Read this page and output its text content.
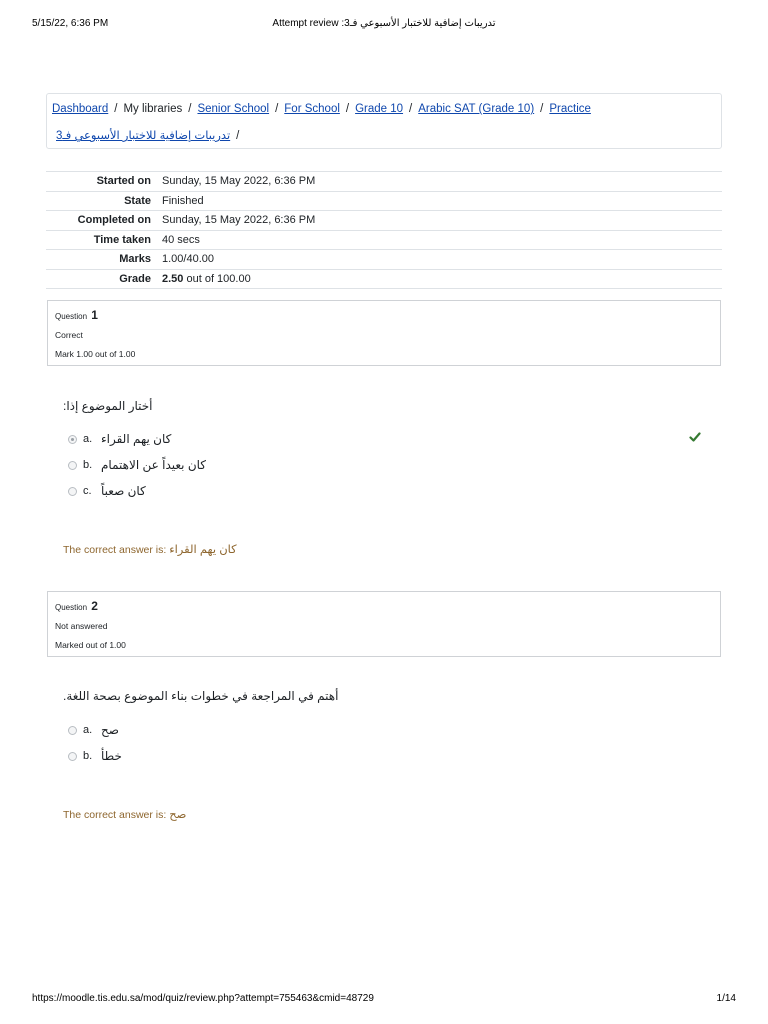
5/15/22, 6:36 PM	Attempt review :تدريبات إضافية للاختبار الأسبوعي فـ3
Dashboard / My libraries / Senior School / For School / Grade 10 / Arabic SAT (Grade 10) / Practice
تدريبات إضافية للاختبار الأسبوعي فـ3 /
Started on	Sunday, 15 May 2022, 6:36 PM
State	Finished
Completed on	Sunday, 15 May 2022, 6:36 PM
Time taken	40 secs
Marks	1.00/40.00
Grade	2.50 out of 100.00
Question 1
Correct
Mark 1.00 out of 1.00
أختار الموضوع إذا:
a. كان يهم القراء
b. كان بعيداً عن الاهتمام
c. كان صعباً
The correct answer is: كان يهم القراء
Question 2
Not answered
Marked out of 1.00
أهتم في المراجعة في خطوات بناء الموضوع بصحة اللغة.
a. صح
b. خطأ
The correct answer is: صح
https://moodle.tis.edu.sa/mod/quiz/review.php?attempt=755463&cmid=48729	1/14
